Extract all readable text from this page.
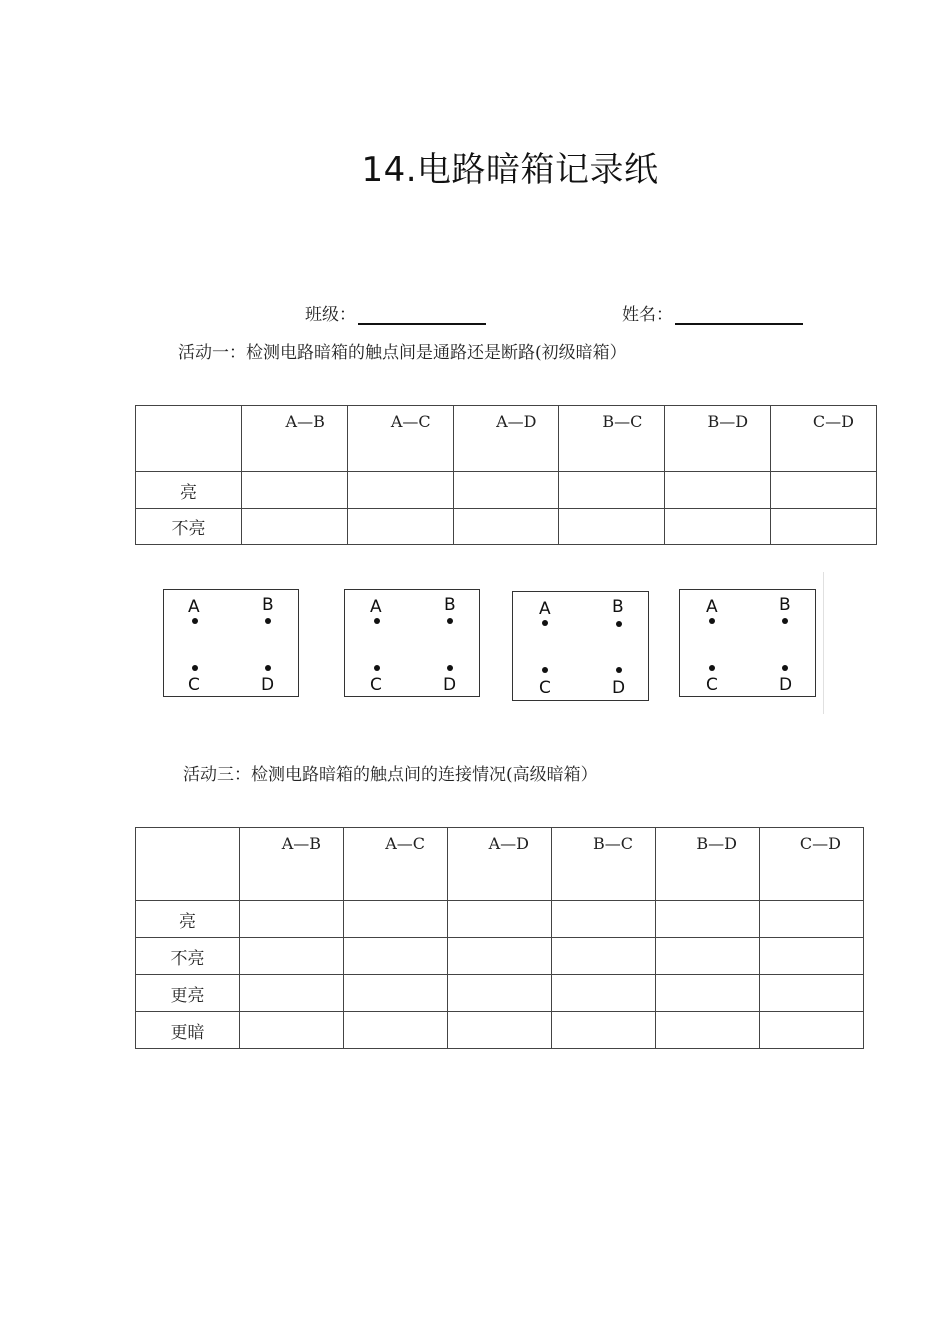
14.电路暗箱记录纸
班级：	姓名：
活动一：检测电路暗箱的触点间是通路还是断路(初级暗箱）
	A—B	A—C	A—D	B—C	B—D	C—D
亮						
不亮						
A	B
C	D
A	B
C	D
A	B
C	D
A	B
C	D
活动三：检测电路暗箱的触点间的连接情况(高级暗箱）
	A—B	A—C	A—D	B—C	B—D	C—D
亮						
不亮						
更亮						
更暗						
